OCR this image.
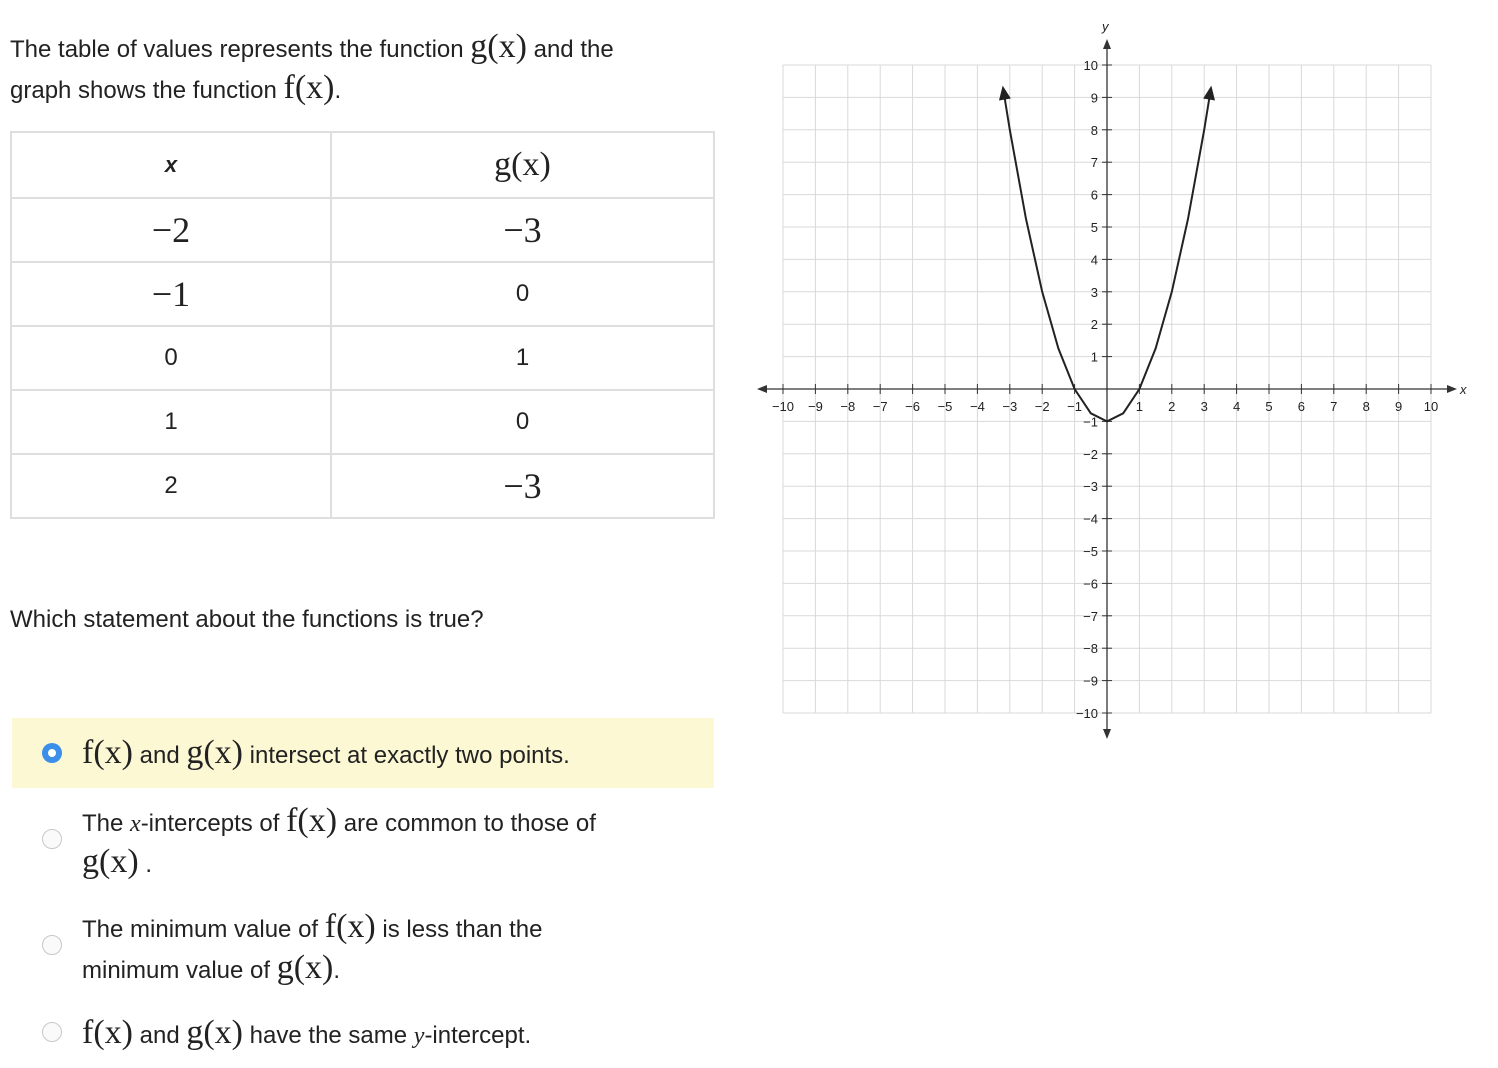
The table of values represents the function g(x) and the
graph shows the function f(x).
x	g(x)
−2	−3
−1	0
0	1
1	0
2	−3
Which statement about the functions is true?
f(x) and g(x) intersect at exactly two points.
The x-intercepts of f(x) are common to those of
g(x) .
The minimum value of f(x) is less than the
minimum value of g(x).
f(x) and g(x) have the same y-intercept.
x
y
−10 −9 −8 −7 −6 −5 −4 −3 −2 −1	1 2 3 4 5 6 7 8 9 10
10
9
8
7
6
5
4
3
2
1
−1
−2
−3
−4
−5
−6
−7
−8
−9
−10
